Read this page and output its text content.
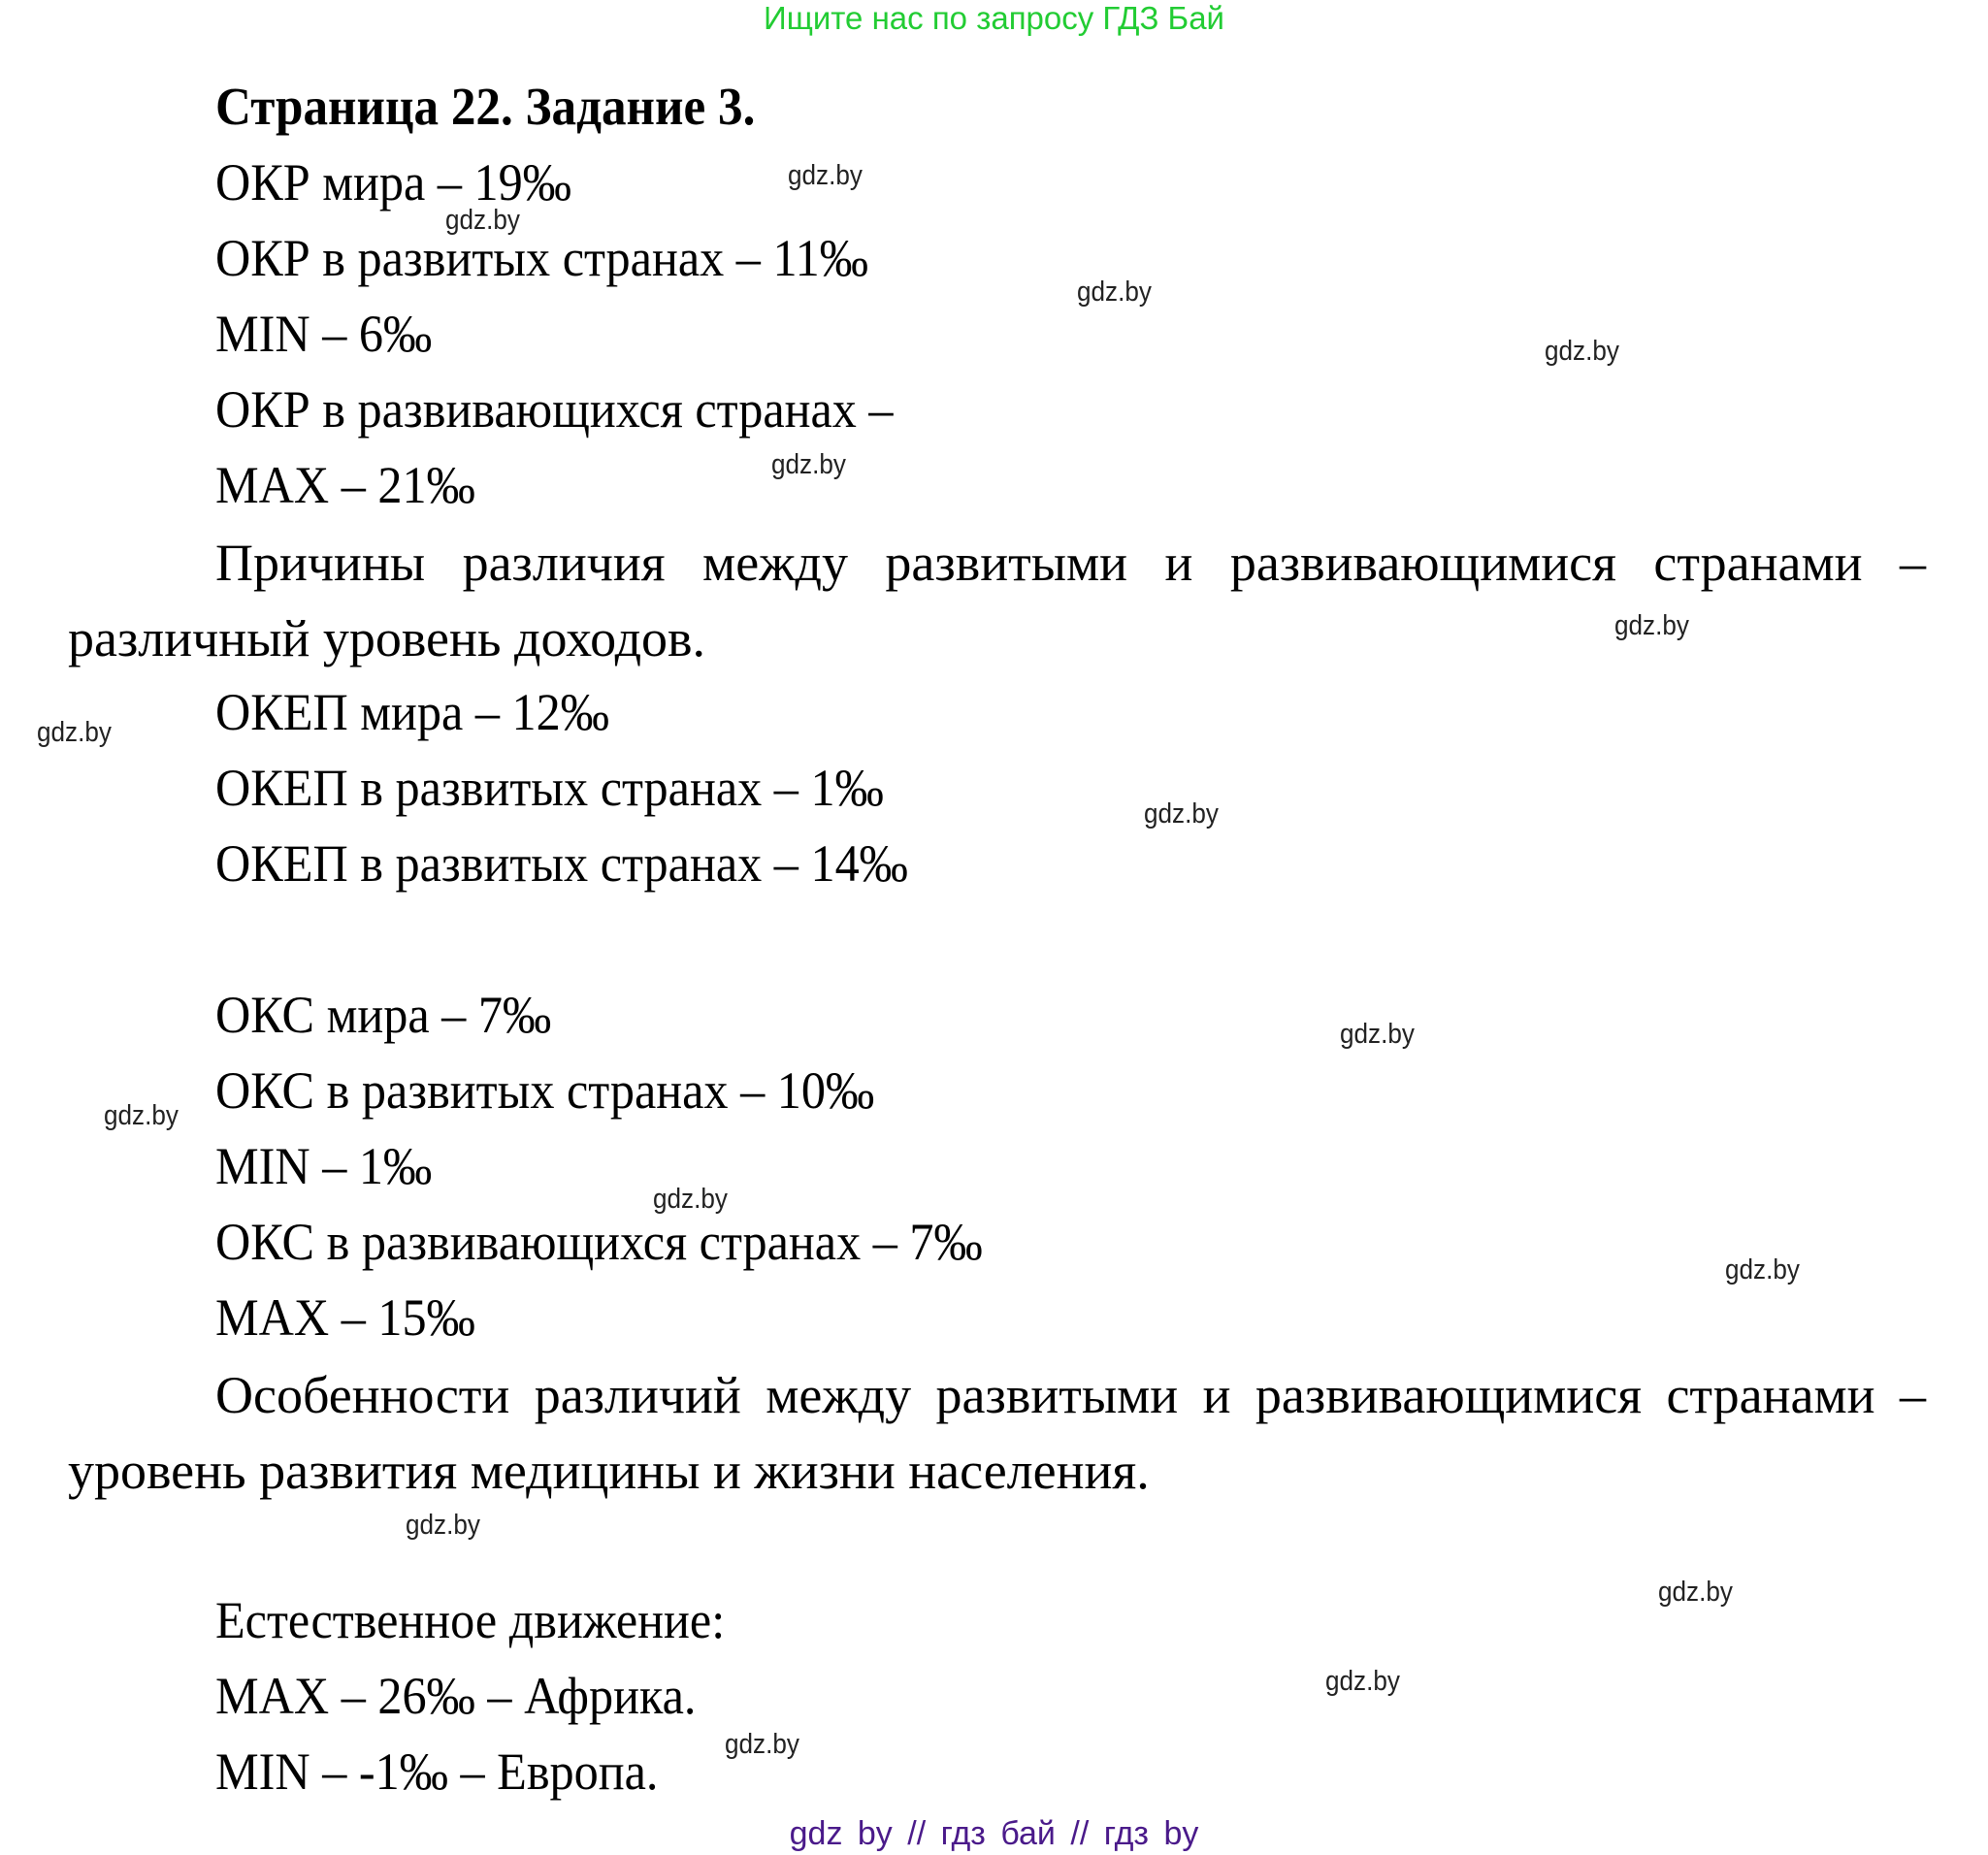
Ищите нас по запросу ГДЗ Бай
Страница 22. Задание 3.
ОКР мира – 19‰
ОКР в развитых странах – 11‰
MIN – 6‰
ОКР в развивающихся странах –
MAX – 21‰
Причины различия между развитыми и развивающимися странами – различный уровень доходов.
ОКЕП мира – 12‰
ОКЕП в развитых странах – 1‰
ОКЕП в развитых странах – 14‰
ОКС мира – 7‰
ОКС в развитых странах – 10‰
MIN – 1‰
ОКС в развивающихся странах – 7‰
MAX – 15‰
Особенности различий между развитыми и развивающимися странами – уровень развития медицины и жизни населения.
Естественное движение:
MAX – 26‰ – Африка.
MIN – -1‰ – Европа.
gdz.by
gdz.by
gdz.by
gdz.by
gdz.by
gdz.by
gdz.by
gdz.by
gdz.by
gdz.by
gdz.by
gdz.by
gdz.by
gdz.by
gdz.by
gdz.by
gdz by // гдз бай // гдз by
